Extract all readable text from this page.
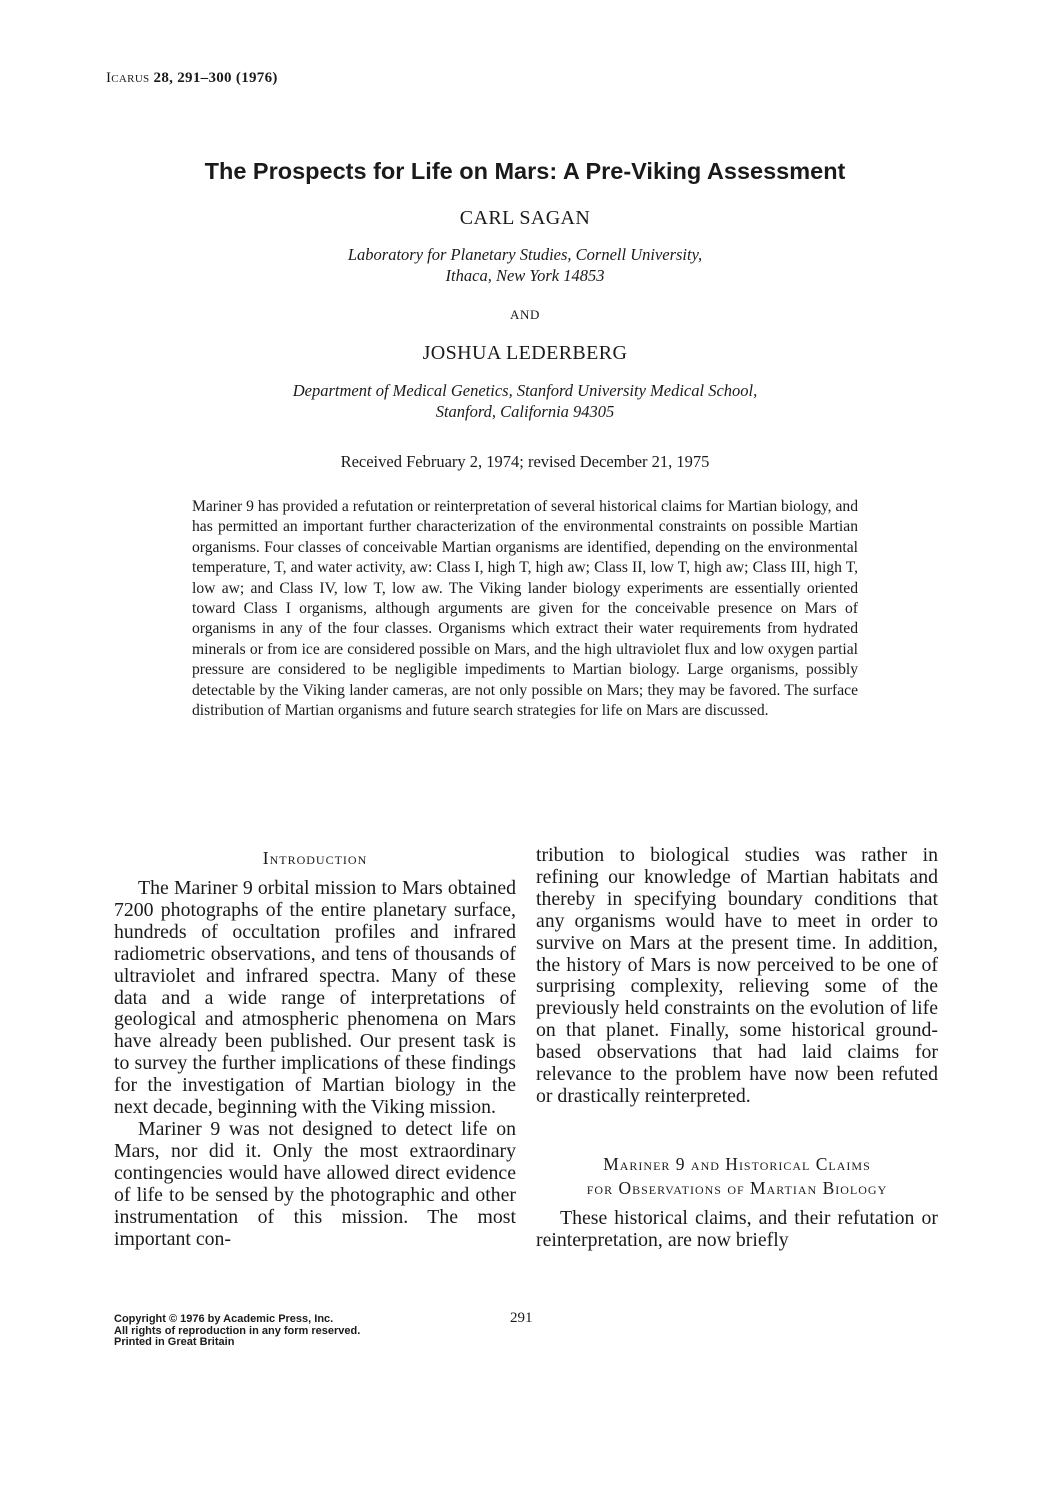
Icarus 28, 291–300 (1976)
The Prospects for Life on Mars: A Pre-Viking Assessment
CARL SAGAN
Laboratory for Planetary Studies, Cornell University,
Ithaca, New York 14853
AND
JOSHUA LEDERBERG
Department of Medical Genetics, Stanford University Medical School,
Stanford, California 94305
Received February 2, 1974; revised December 21, 1975

Mariner 9 has provided a refutation or reinterpretation of several historical claims for Martian biology, and has permitted an important further characterization of the environmental constraints on possible Martian organisms. Four classes of conceivable Martian organisms are identified, depending on the environmental temperature, T, and water activity, aw: Class I, high T, high aw; Class II, low T, high aw; Class III, high T, low aw; and Class IV, low T, low aw. The Viking lander biology experiments are essentially oriented toward Class I organisms, although arguments are given for the conceivable presence on Mars of organisms in any of the four classes. Organisms which extract their water requirements from hydrated minerals or from ice are considered possible on Mars, and the high ultraviolet flux and low oxygen partial pressure are considered to be negligible impediments to Martian biology. Large organisms, possibly detectable by the Viking lander cameras, are not only possible on Mars; they may be favored. The surface distribution of Martian organisms and future search strategies for life on Mars are discussed.

Introduction

The Mariner 9 orbital mission to Mars obtained 7200 photographs of the entire planetary surface, hundreds of occultation profiles and infrared radiometric observations, and tens of thousands of ultraviolet and infrared spectra. Many of these data and a wide range of interpretations of geological and atmospheric phenomena on Mars have already been published. Our present task is to survey the further implications of these findings for the investigation of Martian biology in the next decade, beginning with the Viking mission.

Mariner 9 was not designed to detect life on Mars, nor did it. Only the most extraordinary contingencies would have allowed direct evidence of life to be sensed by the photographic and other instrumentation of this mission. The most important con-

tribution to biological studies was rather in refining our knowledge of Martian habitats and thereby in specifying boundary conditions that any organisms would have to meet in order to survive on Mars at the present time. In addition, the history of Mars is now perceived to be one of surprising complexity, relieving some of the previously held constraints on the evolution of life on that planet. Finally, some historical ground-based observations that had laid claims for relevance to the problem have now been refuted or drastically reinterpreted.

Mariner 9 and Historical Claims
for Observations of Martian Biology

These historical claims, and their refutation or reinterpretation, are now briefly

Copyright © 1976 by Academic Press, Inc.
All rights of reproduction in any form reserved.
Printed in Great Britain
291
